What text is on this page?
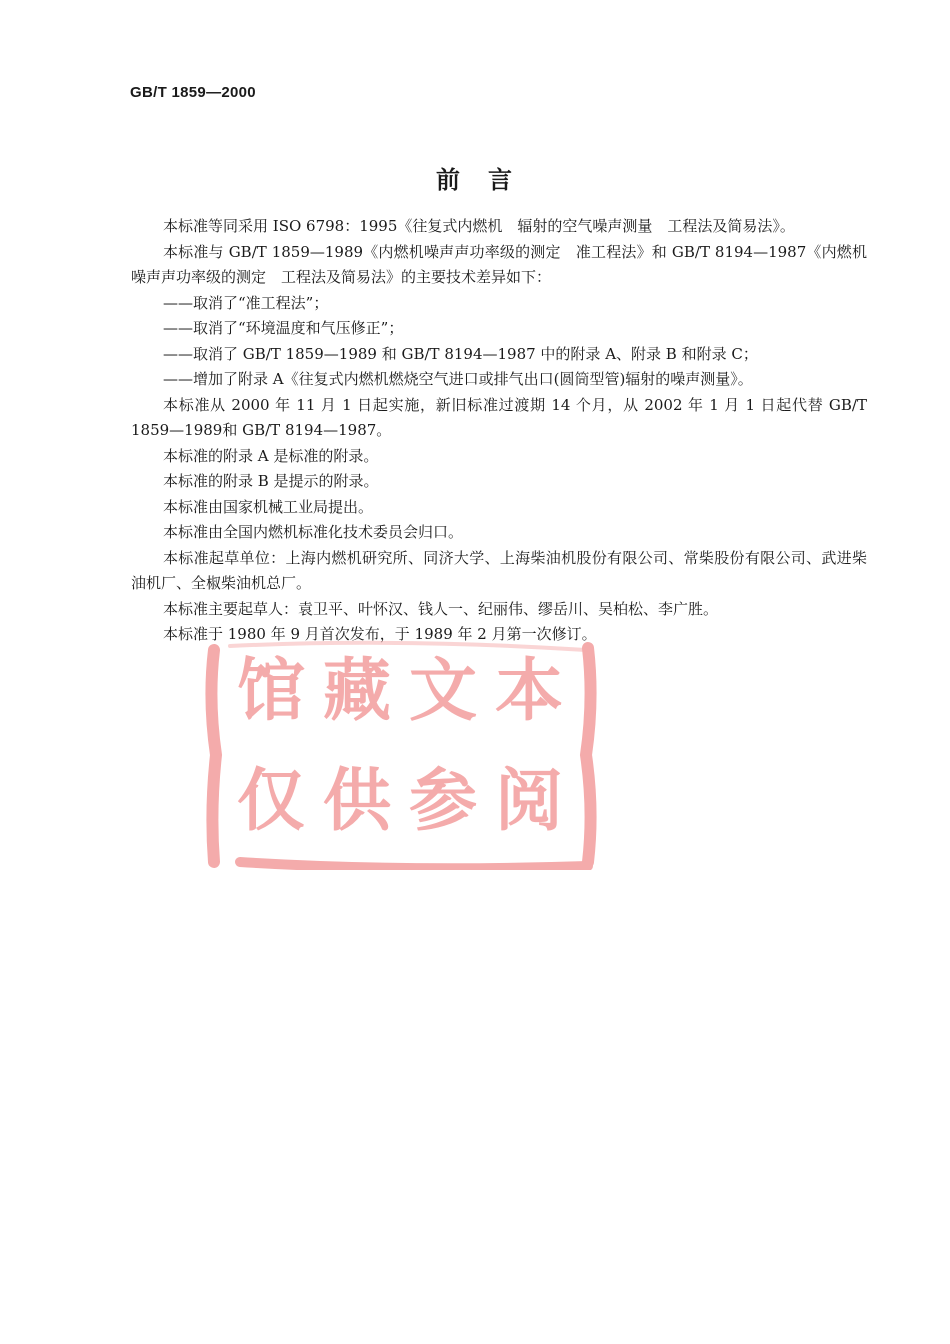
GB/T 1859—2000
前　言

本标准等同采用 ISO 6798：1995《往复式内燃机　辐射的空气噪声测量　工程法及简易法》。

本标准与 GB/T 1859—1989《内燃机噪声声功率级的测定　准工程法》和 GB/T 8194—1987《内燃机噪声声功率级的测定　工程法及简易法》的主要技术差异如下：

——取消了“准工程法”；

——取消了“环境温度和气压修正”；

——取消了 GB/T 1859—1989 和 GB/T 8194—1987 中的附录 A、附录 B 和附录 C；

——增加了附录 A《往复式内燃机燃烧空气进口或排气出口(圆筒型管)辐射的噪声测量》。

本标准从 2000 年 11 月 1 日起实施，新旧标准过渡期 14 个月，从 2002 年 1 月 1 日起代替 GB/T 1859—1989和 GB/T 8194—1987。

本标准的附录 A 是标准的附录。

本标准的附录 B 是提示的附录。

本标准由国家机械工业局提出。

本标准由全国内燃机标准化技术委员会归口。

本标准起草单位：上海内燃机研究所、同济大学、上海柴油机股份有限公司、常柴股份有限公司、武进柴油机厂、全椒柴油机总厂。

本标准主要起草人：袁卫平、叶怀汉、钱人一、纪丽伟、缪岳川、吴柏松、李广胜。

本标准于 1980 年 9 月首次发布，于 1989 年 2 月第一次修订。

馆 藏 文 本
仅 供 参 阅
